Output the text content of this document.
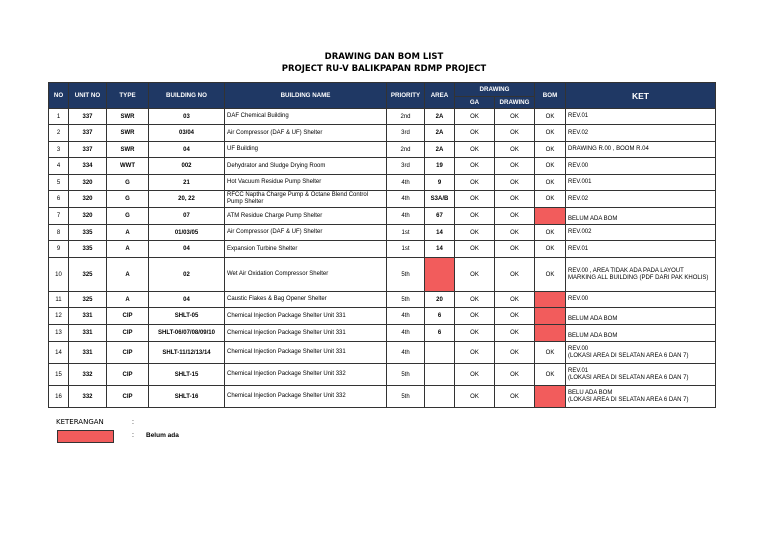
DRAWING DAN BOM LIST
PROJECT RU-V BALIKPAPAN RDMP PROJECT
NO	UNIT NO	TYPE	BUILDING NO	BUILDING NAME	PRIORITY	AREA	DRAWING		BOM	KET
							GA	DRAWING		
1	337	SWR	03	DAF Chemical Building	2nd	2A	OK	OK	OK	REV.01
2	337	SWR	03/04	Air Compressor (DAF & UF) Shelter	3rd	2A	OK	OK	OK	REV.02
3	337	SWR	04	UF Building	2nd	2A	OK	OK	OK	DRAWING R.00 , BOOM R.04
4	334	WWT	002	Dehydrator and Sludge Drying Room	3rd	19	OK	OK	OK	REV.00
5	320	G	21	Hot Vacuum Residue Pump Shelter	4th	9	OK	OK	OK	REV.001
6	320	G	20, 22	RFCC Naptha Charge Pump & Octane Blend Control Pump Shelter	4th	S3A/B	OK	OK	OK	REV.02
7	320	G	07	ATM Residue Charge Pump Shelter	4th	67	OK	OK		BELUM ADA BOM
8	335	A	01/03/05	Air Compressor (DAF & UF) Shelter	1st	14	OK	OK	OK	REV.002
9	335	A	04	Expansion Turbine Shelter	1st	14	OK	OK	OK	REV.01
10	325	A	02	Wet Air Oxidation Compressor Shelter	5th		OK	OK	OK	REV.00 , AREA TIDAK ADA PADA LAYOUT MARKING ALL BUILDING (PDF DARI PAK KHOLIS)
11	325	A	04	Caustic Flakes & Bag Opener Shelter	5th	20	OK	OK		REV.00
12	331	CIP	SHLT-05	Chemical Injection Package Shelter Unit 331	4th	6	OK	OK		BELUM ADA BOM
13	331	CIP	SHLT-06/07/08/09/10	Chemical Injection Package Shelter Unit 331	4th	6	OK	OK		BELUM ADA BOM
14	331	CIP	SHLT-11/12/13/14	Chemical Injection Package Shelter Unit 331	4th		OK	OK	OK	REV.00
(LOKASI AREA DI SELATAN AREA 6 DAN 7)
15	332	CIP	SHLT-15	Chemical Injection Package Shelter Unit 332	5th		OK	OK	OK	REV.01
(LOKASI AREA DI SELATAN AREA 6 DAN 7)
16	332	CIP	SHLT-16	Chemical Injection Package Shelter Unit 332	5th		OK	OK		BELU ADA BOM
(LOKASI AREA DI SELATAN AREA 6 DAN 7)
KETERANGAN	:
: Belum ada
